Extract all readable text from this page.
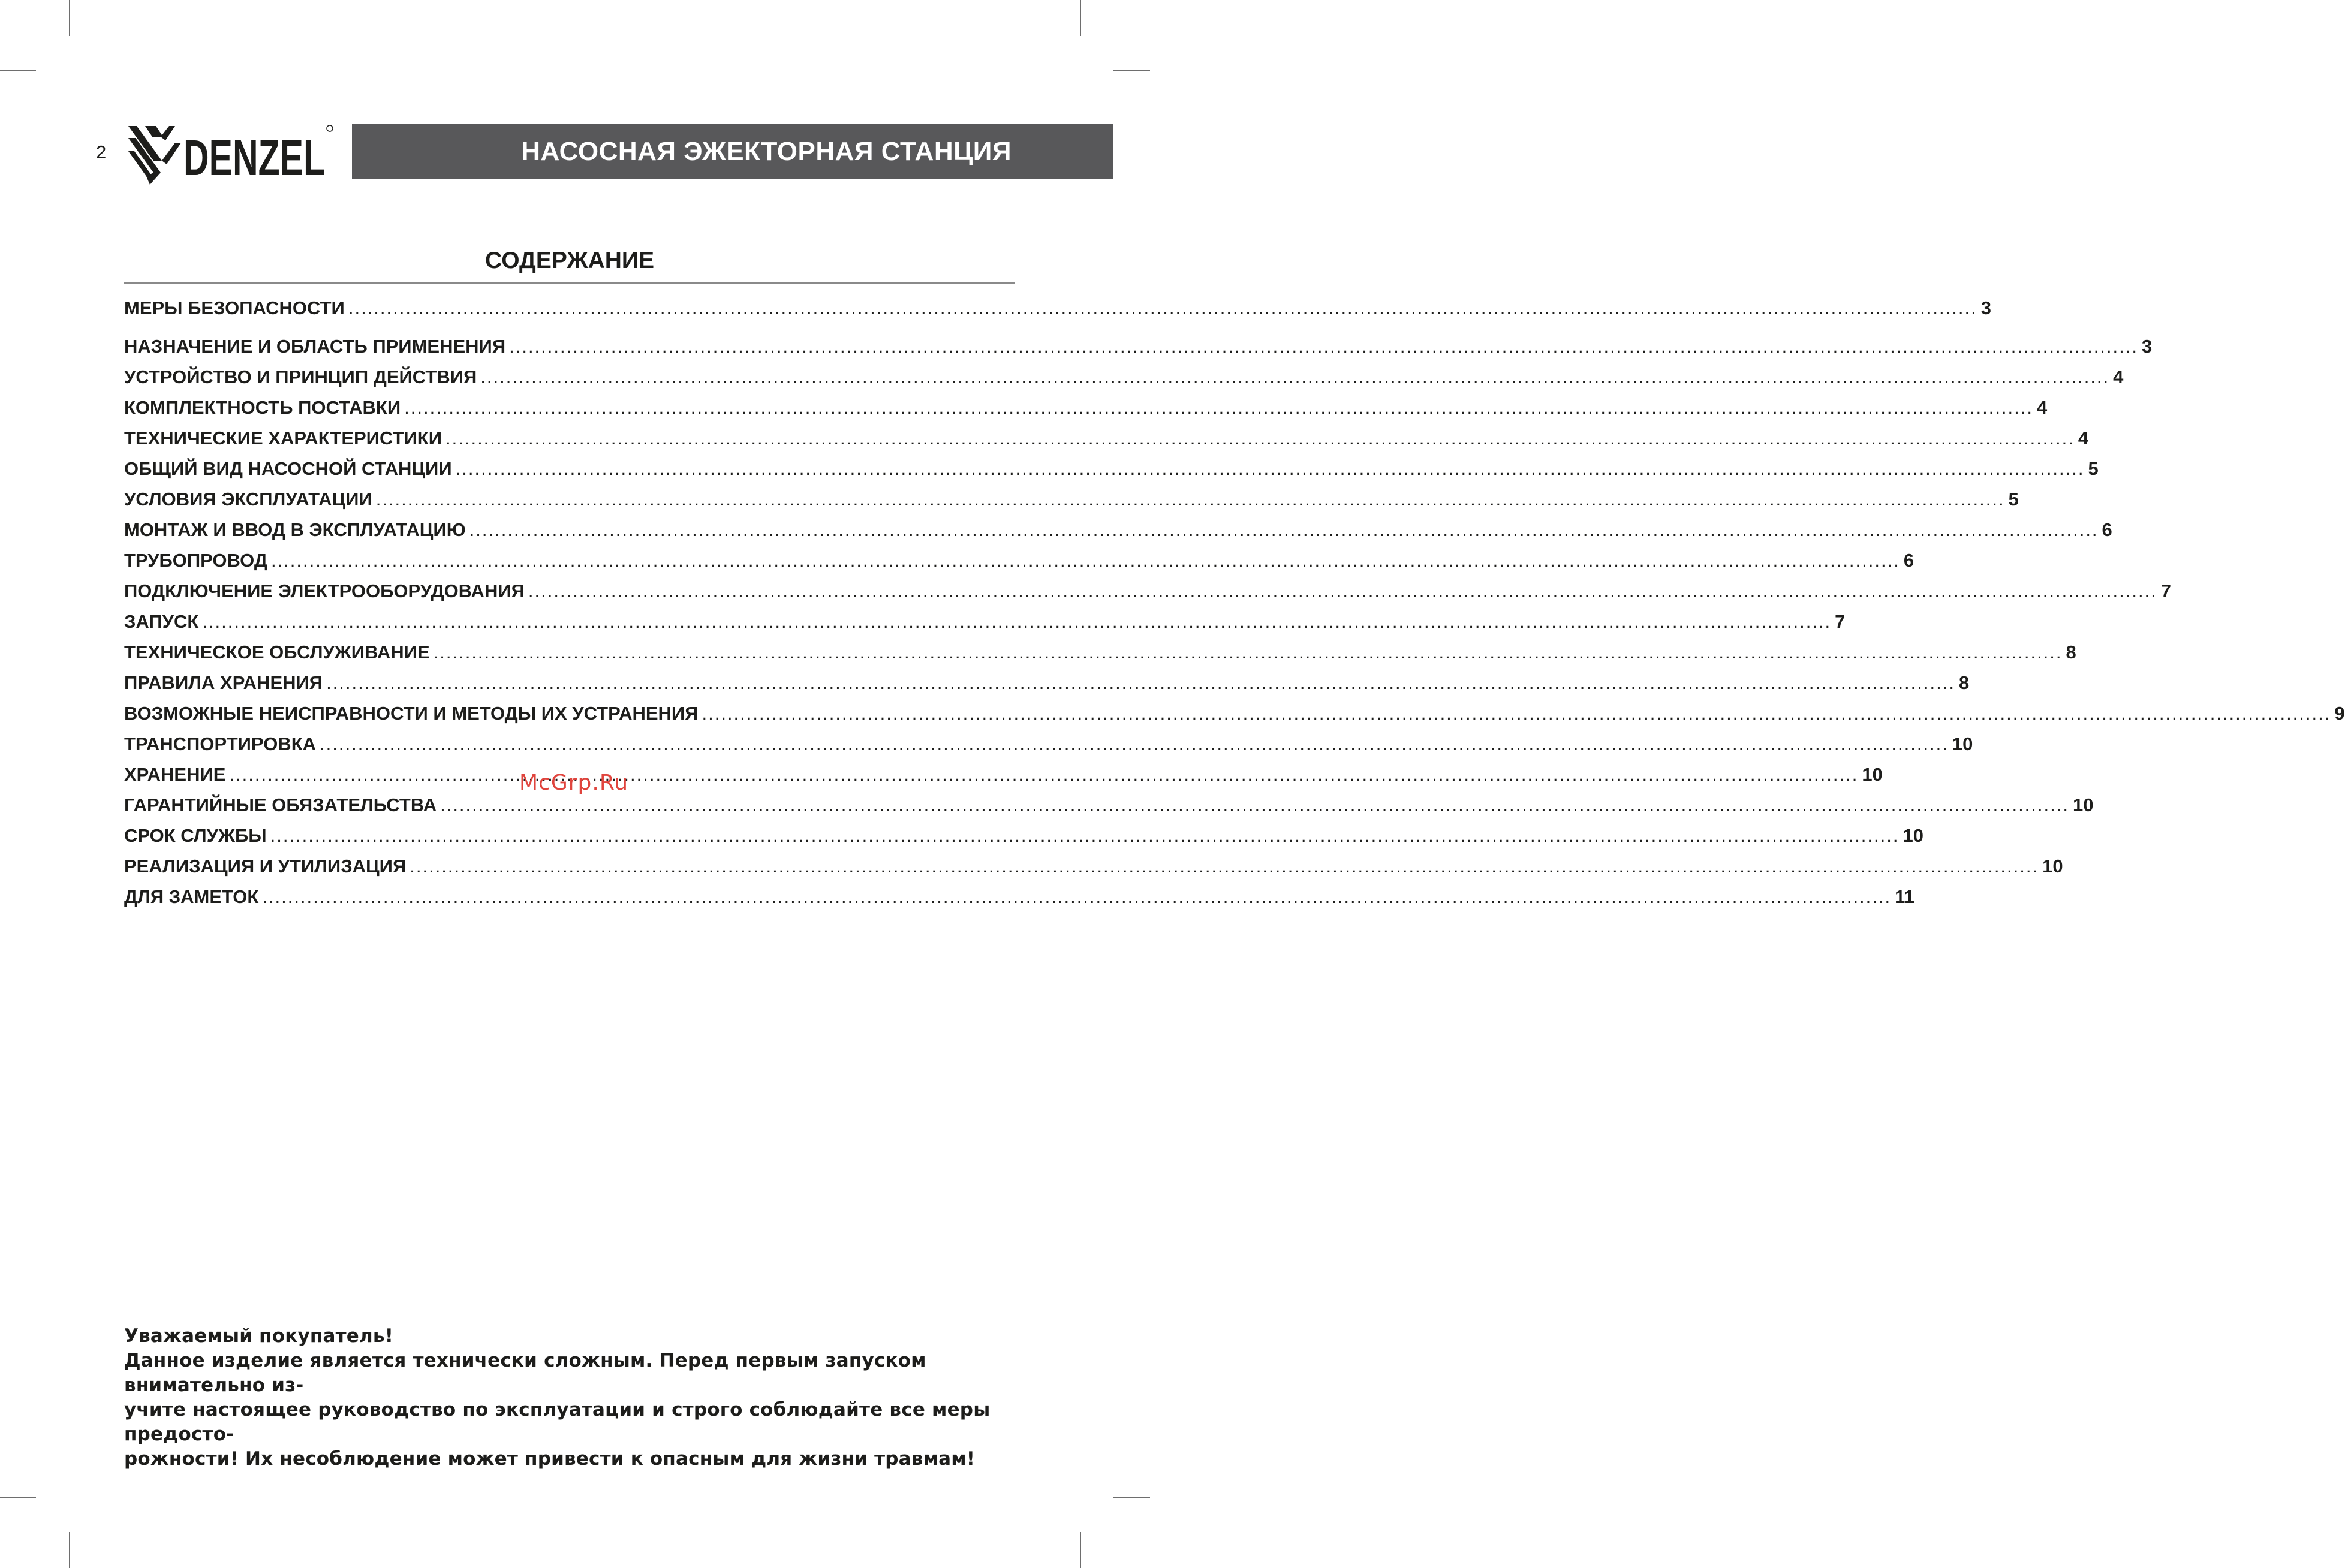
2 DENZEL	НАСОСНАЯ ЭЖЕКТОРНАЯ СТАНЦИЯ
СОДЕРЖАНИЕ
МЕРЫ БЕЗОПАСНОСТИ .....	3
НАЗНАЧЕНИЕ И ОБЛАСТЬ ПРИМЕНЕНИЯ .....	3
УСТРОЙСТВО И ПРИНЦИП ДЕЙСТВИЯ .....	4
КОМПЛЕКТНОСТЬ ПОСТАВКИ .....	4
ТЕХНИЧЕСКИЕ ХАРАКТЕРИСТИКИ .....	4
ОБЩИЙ ВИД НАСОСНОЙ СТАНЦИИ .....	5
УСЛОВИЯ ЭКСПЛУАТАЦИИ .....	5
МОНТАЖ И ВВОД В ЭКСПЛУАТАЦИЮ .....	6
ТРУБОПРОВОД .....	6
ПОДКЛЮЧЕНИЕ ЭЛЕКТРООБОРУДОВАНИЯ .....	7
ЗАПУСК .....	7
ТЕХНИЧЕСКОЕ ОБСЛУЖИВАНИЕ .....	8
ПРАВИЛА ХРАНЕНИЯ .....	8
ВОЗМОЖНЫЕ НЕИСПРАВНОСТИ И МЕТОДЫ ИХ УСТРАНЕНИЯ .....	9
ТРАНСПОРТИРОВКА .....	10
ХРАНЕНИЕ .....	10
ГАРАНТИЙНЫЕ ОБЯЗАТЕЛЬСТВА .....	10
СРОК СЛУЖБЫ .....	10
РЕАЛИЗАЦИЯ И УТИЛИЗАЦИЯ .....	10
ДЛЯ ЗАМЕТОК .....	11
McGrp.Ru

Уважаемый покупатель!

Данное изделие является технически сложным. Перед первым запуском внимательно из-

учите настоящее руководство по эксплуатации и строго соблюдайте все меры предосто-

рожности! Их несоблюдение может привести к опасным для жизни травмам!
